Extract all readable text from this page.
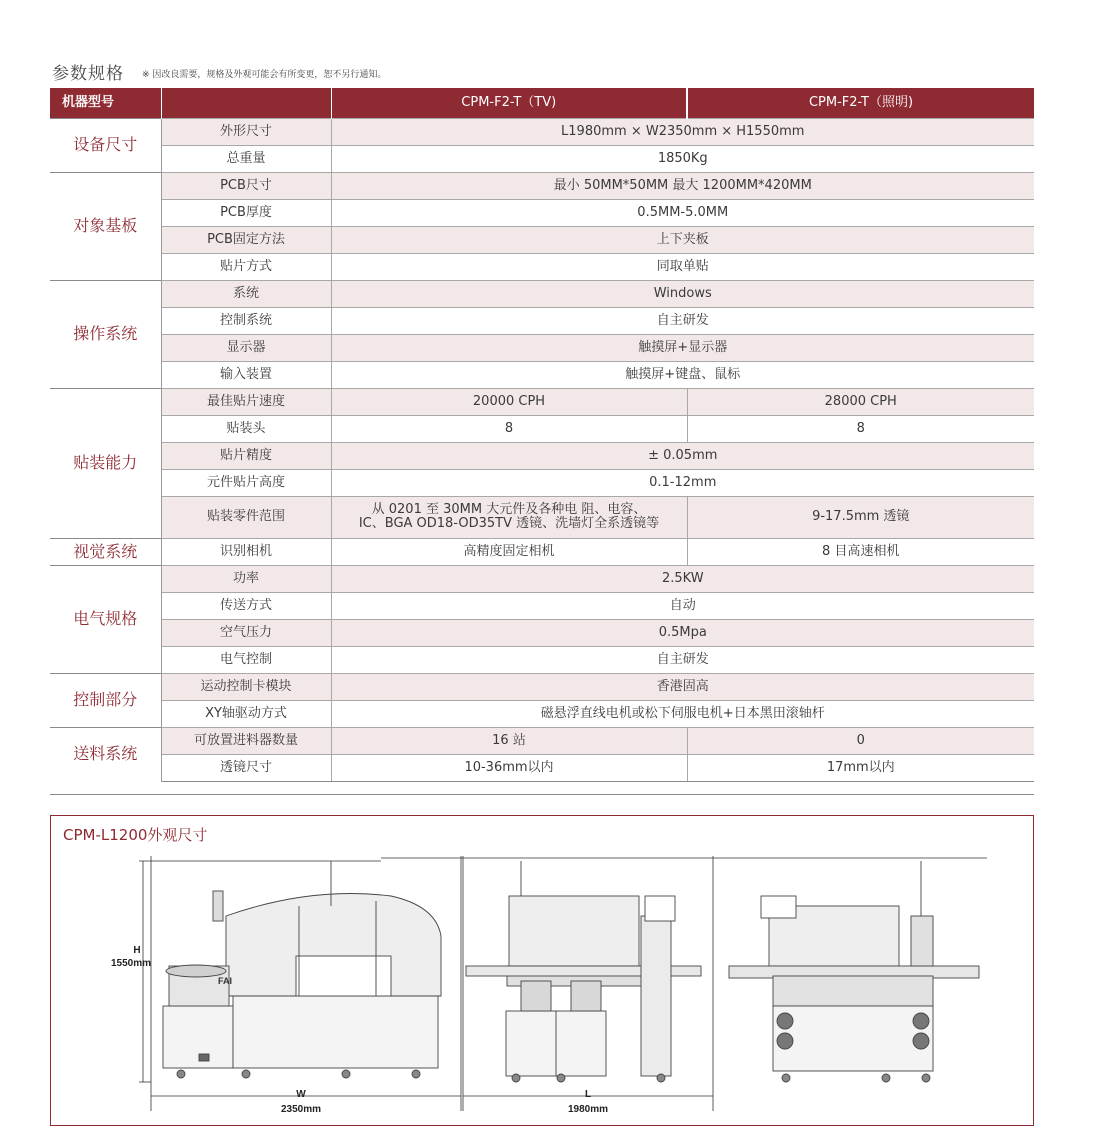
参数规格 ※ 因改良需要，规格及外观可能会有所变更，恕不另行通知。
机器型号		CPM-F2-T（TV)	CPM-F2-T（照明)
设备尺寸	外形尺寸	L1980mm × W2350mm × H1550mm	
	总重量	1850Kg	
对象基板	PCB尺寸	最小 50MM*50MM 最大 1200MM*420MM	
	PCB厚度	0.5MM-5.0MM	
	PCB固定方法	上下夹板	
	贴片方式	同取单贴	
操作系统	系统	Windows	
	控制系统	自主研发	
	显示器	触摸屏+显示器	
	输入装置	触摸屏+键盘、鼠标	
贴装能力	最佳贴片速度	20000 CPH	28000 CPH
	贴装头	8	8
	贴片精度	± 0.05mm	
	元件贴片高度	0.1-12mm	
	贴装零件范围	从 0201 至 30MM 大元件及各种电 阻、电容、
IC、BGA OD18-OD35TV 透镜、洗墙灯全系透镜等	9-17.5mm 透镜
视觉系统	识别相机	高精度固定相机	8 目高速相机
电气规格	功率	2.5KW	
	传送方式	自动	
	空气压力	0.5Mpa	
	电气控制	自主研发	
控制部分	运动控制卡模块	香港固高	
	XY轴驱动方式	磁悬浮直线电机或松下伺服电机+日本黑田滚轴杆	
送料系统	可放置进料器数量	16 站	0
	透镜尺寸	10-36mm以内	17mm以内
CPM-L1200外观尺寸
H
1550mm
W
2350mm
L
1980mm
FAI
